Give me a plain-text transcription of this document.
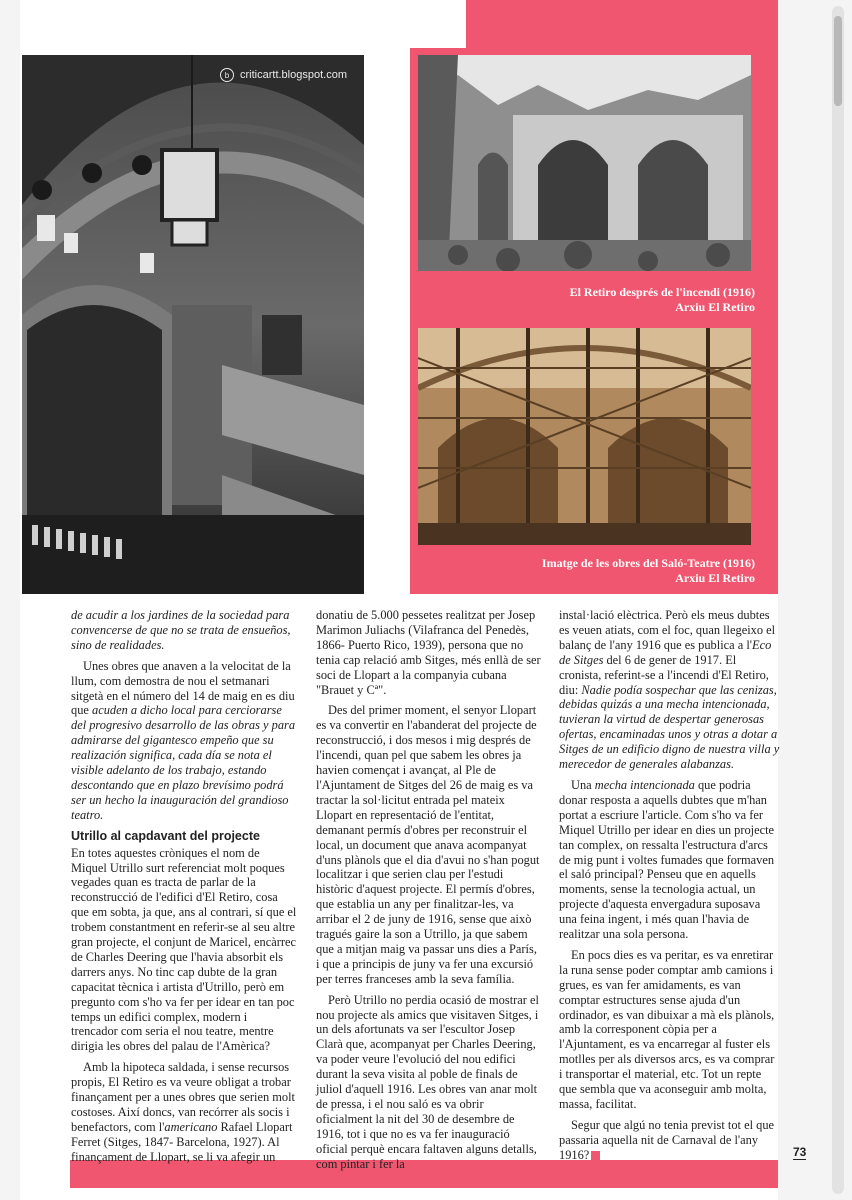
b criticartt.blogspot.com
El Retiro després de l'incendi (1916)
Arxiu El Retiro
Imatge de les obres del Saló-Teatre (1916)
Arxiu El Retiro

de acudir a los jardines de la sociedad para convencerse de que no se trata de ensueños, sino de realidades.

Unes obres que anaven a la velocitat de la llum, com demostra de nou el setmanari sitgetà en el número del 14 de maig en es diu que acuden a dicho local para cerciorarse del progresivo desarrollo de las obras y para admirarse del gigantesco empeño que su realización significa, cada día se nota el visible adelanto de los trabajo, estando descontando que en plazo brevísimo podrá ser un hecho la inauguración del grandioso teatro.

Utrillo al capdavant del projecte

En totes aquestes cròniques el nom de Miquel Utrillo surt referenciat molt poques vegades quan es tracta de parlar de la reconstrucció de l'edifici d'El Retiro, cosa que em sobta, ja que, ans al contrari, sí que el trobem constantment en referir-se al seu altre gran projecte, el conjunt de Maricel, encàrrec de Charles Deering que l'havia absorbit els darrers anys. No tinc cap dubte de la gran capacitat tècnica i artista d'Utrillo, però em pregunto com s'ho va fer per idear en tan poc temps un edifici complex, modern i trencador com seria el nou teatre, mentre dirigia les obres del palau de l'Amèrica?

Amb la hipoteca saldada, i sense recursos propis, El Retiro es va veure obligat a trobar finançament per a unes obres que serien molt costoses. Així doncs, van recórrer als socis i benefactors, com l'americano Rafael Llopart Ferret (Sitges, 1847- Barcelona, 1927). Al finançament de Llopart, se li va afegir un

donatiu de 5.000 pessetes realitzat per Josep Marimon Juliachs (Vilafranca del Penedès, 1866- Puerto Rico, 1939), persona que no tenia cap relació amb Sitges, més enllà de ser soci de Llopart a la companyia cubana "Brauet y Cª".

Des del primer moment, el senyor Llopart es va convertir en l'abanderat del projecte de reconstrucció, i dos mesos i mig després de l'incendi, quan pel que sabem les obres ja havien començat i avançat, al Ple de l'Ajuntament de Sitges del 26 de maig es va tractar la sol·licitut entrada pel mateix Llopart en representació de l'entitat, demanant permís d'obres per reconstruir el local, un document que anava acompanyat d'uns plànols que el dia d'avui no s'han pogut localitzar i que serien clau per l'estudi històric d'aquest projecte. El permís d'obres, que establia un any per finalitzar-les, va arribar el 2 de juny de 1916, sense que això tragués gaire la son a Utrillo, ja que sabem que a mitjan maig va passar uns dies a París, i que a principis de juny va fer una excursió per terres franceses amb la seva família.

Però Utrillo no perdia ocasió de mostrar el nou projecte als amics que visitaven Sitges, i un dels afortunats va ser l'escultor Josep Clarà que, acompanyat per Charles Deering, va poder veure l'evolució del nou edifici durant la seva visita al poble de finals de juliol d'aquell 1916. Les obres van anar molt de pressa, i el nou saló es va obrir oficialment la nit del 30 de desembre de 1916, tot i que no es va fer inauguració oficial perquè encara faltaven alguns detalls, com pintar i fer la

instal·lació elèctrica. Però els meus dubtes es veuen atiats, com el foc, quan llegeixo el balanç de l'any 1916 que es publica a l'Eco de Sitges del 6 de gener de 1917. El cronista, referint-se a l'incendi d'El Retiro, diu: Nadie podía sospechar que las cenizas, debidas quizás a una mecha intencionada, tuvieran la virtud de despertar generosas ofertas, encaminadas unos y otras a dotar a Sitges de un edificio digno de nuestra villa y merecedor de generales alabanzas.

Una mecha intencionada que podria donar resposta a aquells dubtes que m'han portat a escriure l'article. Com s'ho va fer Miquel Utrillo per idear en dies un projecte tan complex, on ressalta l'estructura d'arcs de mig punt i voltes fumades que formaven el saló principal? Penseu que en aquells moments, sense la tecnologia actual, un projecte d'aquesta envergadura suposava una feina ingent, i més quan l'havia de realitzar una sola persona.

En pocs dies es va peritar, es va enretirar la runa sense poder comptar amb camions i grues, es van fer amidaments, es van comptar estructures sense ajuda d'un ordinador, es van dibuixar a mà els plànols, amb la corresponent còpia per a l'Ajuntament, es va encarregar al fuster els motlles per als diversos arcs, es va comprar i transportar el material, etc. Tot un repte que sembla que va aconseguir amb molta, massa, facilitat.

Segur que algú no tenia previst tot el que passaria aquella nit de Carnaval de l'any 1916?	73
